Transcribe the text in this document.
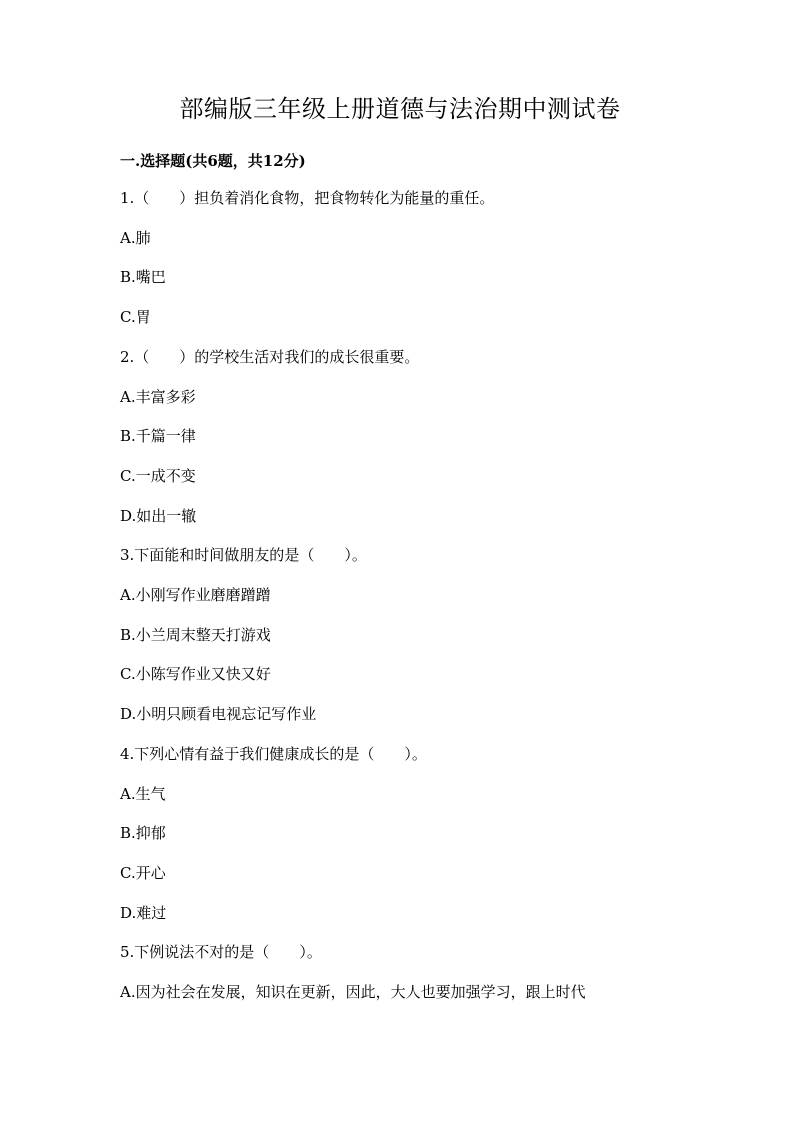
部编版三年级上册道德与法治期中测试卷
一.选择题(共6题，共12分)
1.（　　）担负着消化食物，把食物转化为能量的重任。
A.肺
B.嘴巴
C.胃
2.（　　）的学校生活对我们的成长很重要。
A.丰富多彩
B.千篇一律
C.一成不变
D.如出一辙
3.下面能和时间做朋友的是（　　）。
A.小刚写作业磨磨蹭蹭
B.小兰周末整天打游戏
C.小陈写作业又快又好
D.小明只顾看电视忘记写作业
4.下列心情有益于我们健康成长的是（　　）。
A.生气
B.抑郁
C.开心
D.难过
5.下例说法不对的是（　　）。
A.因为社会在发展，知识在更新，因此，大人也要加强学习，跟上时代
